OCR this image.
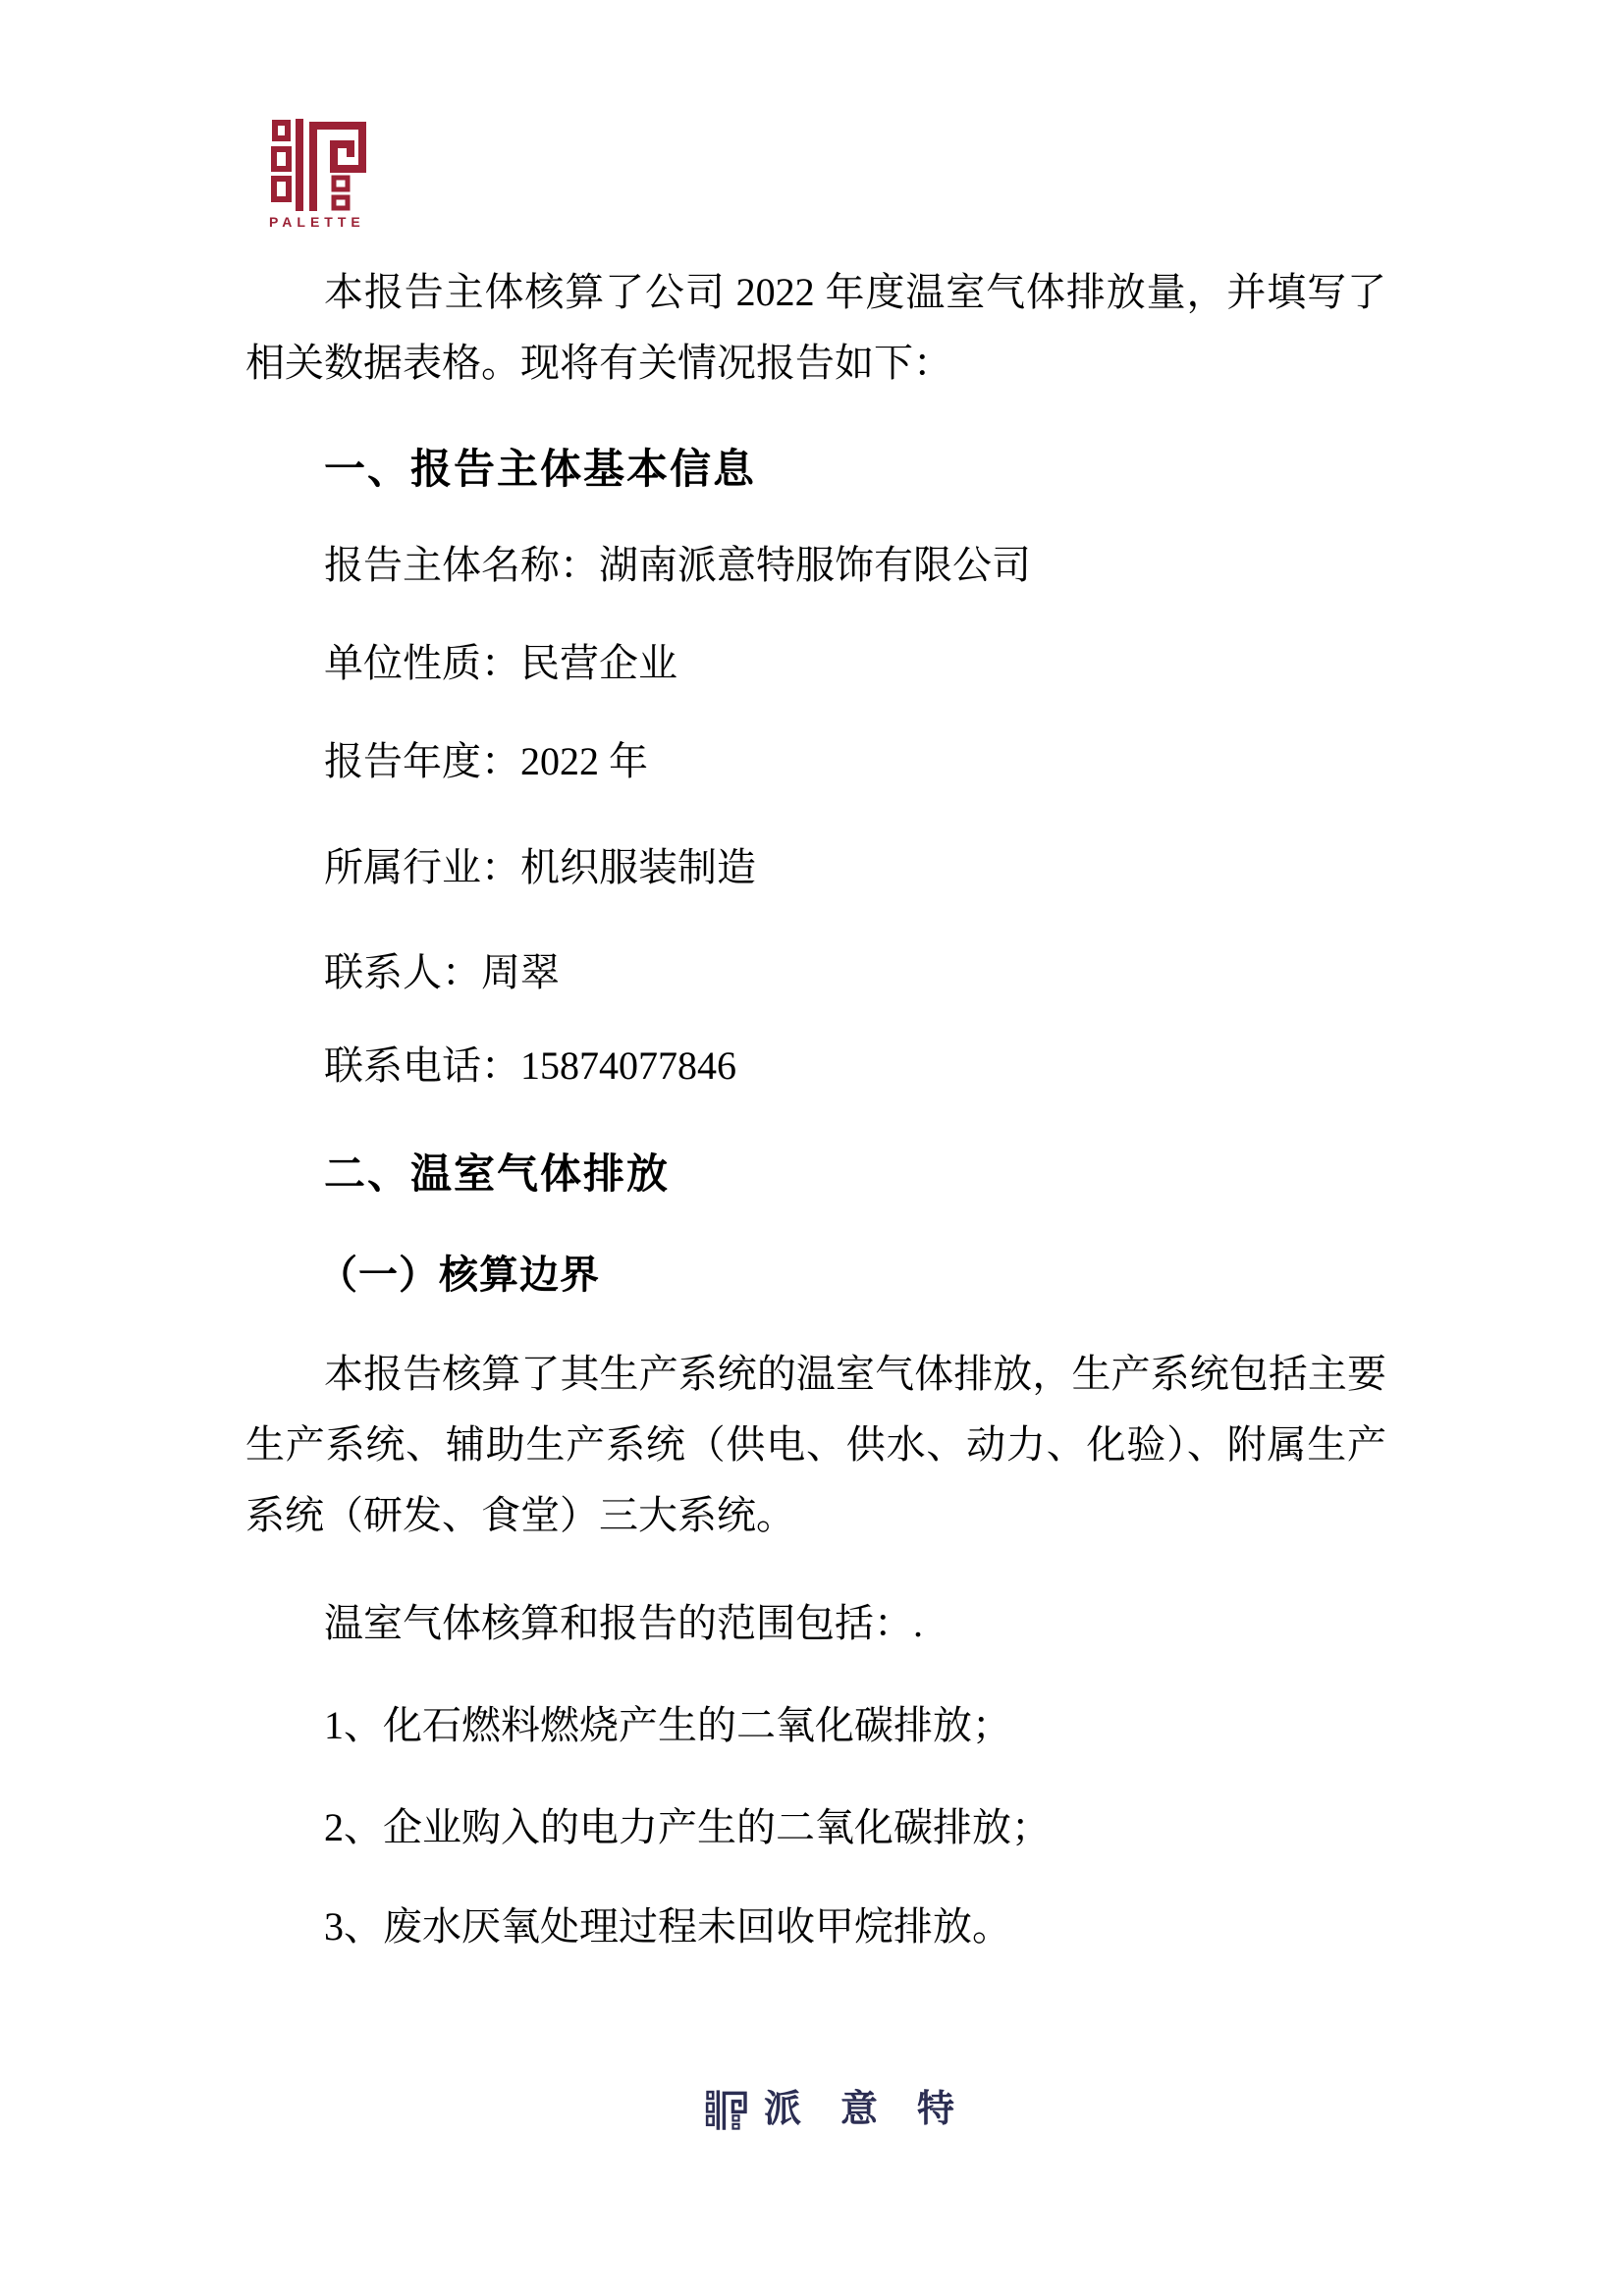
PALETTE
本报告主体核算了公司 2022 年度温室气体排放量，并填写了相关数据表格。现将有关情况报告如下：
一、报告主体基本信息
报告主体名称：湖南派意特服饰有限公司
单位性质：民营企业
报告年度：2022 年
所属行业：机织服装制造
联系人：周翠
联系电话：15874077846
二、温室气体排放
（一）核算边界
本报告核算了其生产系统的温室气体排放，生产系统包括主要生产系统、辅助生产系统（供电、供水、动力、化验）、附属生产系统（研发、食堂）三大系统。
温室气体核算和报告的范围包括：.
1、化石燃料燃烧产生的二氧化碳排放；
2、企业购入的电力产生的二氧化碳排放；
3、废水厌氧处理过程未回收甲烷排放。
派意特
